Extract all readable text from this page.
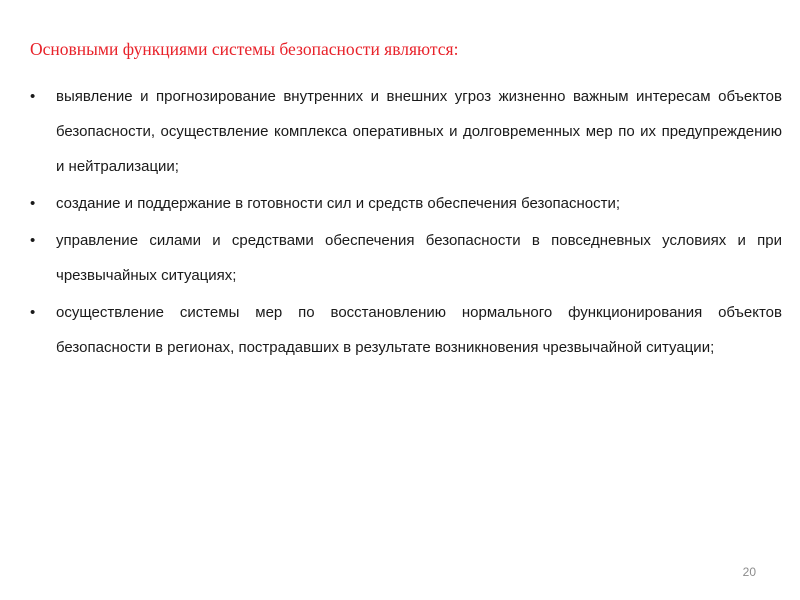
Основными функциями системы безопасности являются:
•	выявление и прогнозирование внутренних и внешних угроз жизненно важным интересам объектов безопасности, осуществление комплекса оперативных и долговременных мер по их предупреждению и нейтрализации;
•	создание и поддержание в готовности сил и средств обеспечения безопасности;
•	управление силами и средствами обеспечения безопасности в повседневных условиях и при чрезвычайных ситуациях;
•	осуществление системы мер по восстановлению нормального функционирования объектов безопасности в регионах, пострадавших в результате возникновения чрезвычайной ситуации;
20
